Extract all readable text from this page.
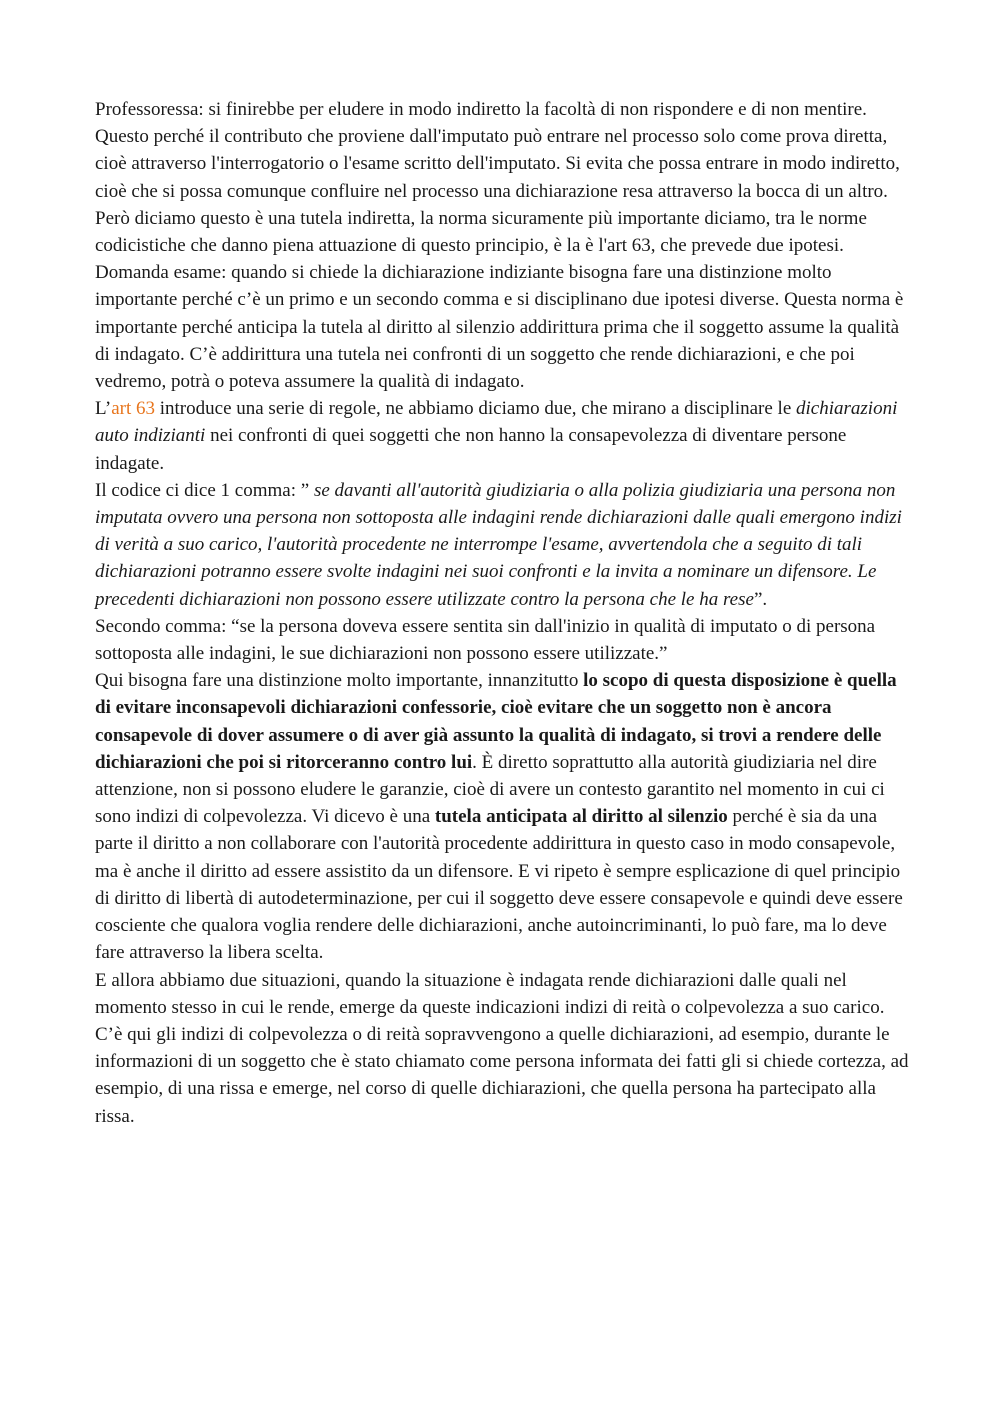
Professoressa: si finirebbe per eludere in modo indiretto la facoltà di non rispondere e di non mentire. Questo perché il contributo che proviene dall'imputato può entrare nel processo solo come prova diretta, cioè attraverso l'interrogatorio o l'esame scritto dell'imputato. Si evita che possa entrare in modo indiretto, cioè che si possa comunque confluire nel processo una dichiarazione resa attraverso la bocca di un altro. Però diciamo questo è una tutela indiretta, la norma sicuramente più importante diciamo, tra le norme codicistiche che danno piena attuazione di questo principio, è la è l'art 63, che prevede due ipotesi.

Domanda esame: quando si chiede la dichiarazione indiziante bisogna fare una distinzione molto importante perché c’è un primo e un secondo comma e si disciplinano due ipotesi diverse. Questa norma è importante perché anticipa la tutela al diritto al silenzio addirittura prima che il soggetto assume la qualità di indagato. C’è addirittura una tutela nei confronti di un soggetto che rende dichiarazioni, e che poi vedremo, potrà o poteva assumere la qualità di indagato.

L’art 63 introduce una serie di regole, ne abbiamo diciamo due, che mirano a disciplinare le dichiarazioni auto indizianti nei confronti di quei soggetti che non hanno la consapevolezza di diventare persone indagate.

Il codice ci dice 1 comma: ” se davanti all'autorità giudiziaria o alla polizia giudiziaria una persona non imputata ovvero una persona non sottoposta alle indagini rende dichiarazioni dalle quali emergono indizi di verità a suo carico, l'autorità procedente ne interrompe l'esame, avvertendola che a seguito di tali dichiarazioni potranno essere svolte indagini nei suoi confronti e la invita a nominare un difensore. Le precedenti dichiarazioni non possono essere utilizzate contro la persona che le ha rese”.

Secondo comma: “se la persona doveva essere sentita sin dall'inizio in qualità di imputato o di persona sottoposta alle indagini, le sue dichiarazioni non possono essere utilizzate.”

Qui bisogna fare una distinzione molto importante, innanzitutto lo scopo di questa disposizione è quella di evitare inconsapevoli dichiarazioni confessorie, cioè evitare che un soggetto non è ancora consapevole di dover assumere o di aver già assunto la qualità di indagato, si trovi a rendere delle dichiarazioni che poi si ritorceranno contro lui. È diretto soprattutto alla autorità giudiziaria nel dire attenzione, non si possono eludere le garanzie, cioè di avere un contesto garantito nel momento in cui ci sono indizi di colpevolezza. Vi dicevo è una tutela anticipata al diritto al silenzio perché è sia da una parte il diritto a non collaborare con l'autorità procedente addirittura in questo caso in modo consapevole, ma è anche il diritto ad essere assistito da un difensore. E vi ripeto è sempre esplicazione di quel principio di diritto di libertà di autodeterminazione, per cui il soggetto deve essere consapevole e quindi deve essere cosciente che qualora voglia rendere delle dichiarazioni, anche autoincriminanti, lo può fare, ma lo deve fare attraverso la libera scelta.

E allora abbiamo due situazioni, quando la situazione è indagata rende dichiarazioni dalle quali nel momento stesso in cui le rende, emerge da queste indicazioni indizi di reità o colpevolezza a suo carico. C’è qui gli indizi di colpevolezza o di reità sopravvengono a quelle dichiarazioni, ad esempio, durante le informazioni di un soggetto che è stato chiamato come persona informata dei fatti gli si chiede cortezza, ad esempio, di una rissa e emerge, nel corso di quelle dichiarazioni, che quella persona ha partecipato alla rissa.
